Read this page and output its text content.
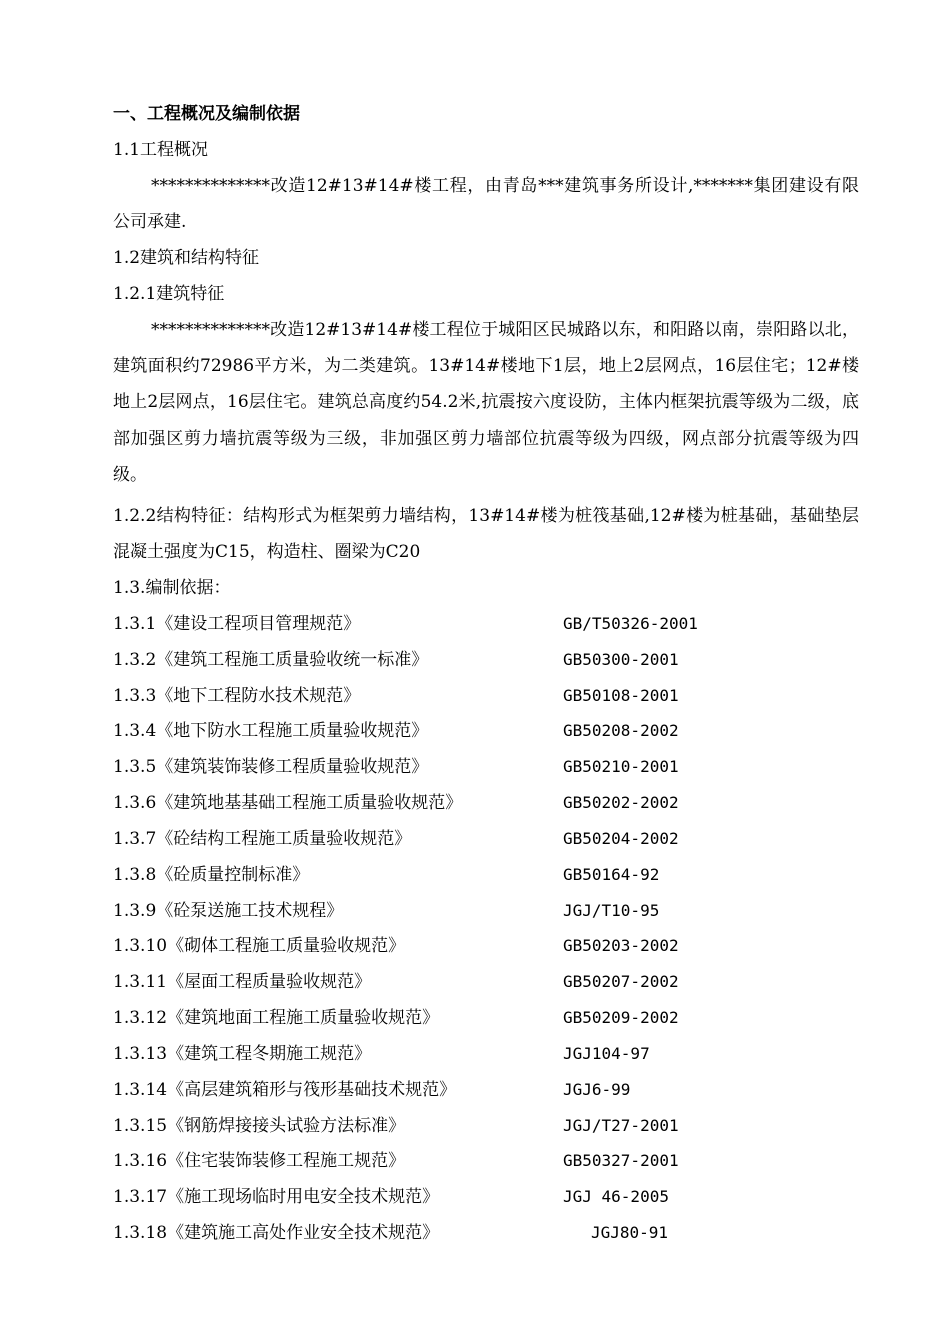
一、工程概况及编制依据
1.1工程概况

**************改造12#13#14#楼工程，由青岛***建筑事务所设计,*******集团建设有限公司承建.

1.2建筑和结构特征
1.2.1建筑特征

**************改造12#13#14#楼工程位于城阳区民城路以东，和阳路以南，崇阳路以北，建筑面积约72986平方米，为二类建筑。13#14#楼地下1层，地上2层网点，16层住宅；12#楼地上2层网点，16层住宅。建筑总高度约54.2米,抗震按六度设防，主体内框架抗震等级为二级，底部加强区剪力墙抗震等级为三级，非加强区剪力墙部位抗震等级为四级，网点部分抗震等级为四级。

1.2.2结构特征：结构形式为框架剪力墙结构，13#14#楼为桩筏基础,12#楼为桩基础，基础垫层混凝土强度为C15，构造柱、圈梁为C20

1.3.编制依据：
1.3.1《建设工程项目管理规范》	GB/T50326-2001
1.3.2《建筑工程施工质量验收统一标准》	GB50300-2001
1.3.3《地下工程防水技术规范》	GB50108-2001
1.3.4《地下防水工程施工质量验收规范》	GB50208-2002
1.3.5《建筑装饰装修工程质量验收规范》	GB50210-2001
1.3.6《建筑地基基础工程施工质量验收规范》	GB50202-2002
1.3.7《砼结构工程施工质量验收规范》	GB50204-2002
1.3.8《砼质量控制标准》	GB50164-92
1.3.9《砼泵送施工技术规程》	JGJ/T10-95
1.3.10《砌体工程施工质量验收规范》	GB50203-2002
1.3.11《屋面工程质量验收规范》	GB50207-2002
1.3.12《建筑地面工程施工质量验收规范》	GB50209-2002
1.3.13《建筑工程冬期施工规范》	JGJ104-97
1.3.14《高层建筑箱形与筏形基础技术规范》	JGJ6-99
1.3.15《钢筋焊接接头试验方法标准》	JGJ/T27-2001
1.3.16《住宅装饰装修工程施工规范》	GB50327-2001
1.3.17《施工现场临时用电安全技术规范》	JGJ 46-2005
1.3.18《建筑施工高处作业安全技术规范》	JGJ80-91
